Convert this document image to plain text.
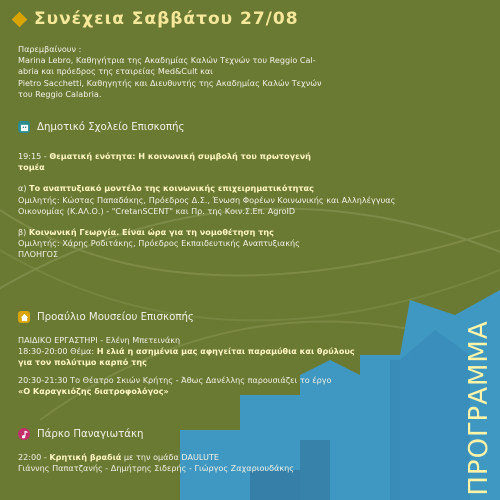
Συνέχεια Σαββάτου 27/08

Παρεμβαίνουν :

Marina Lebro, Καθηγήτρια της Ακαδημίας Καλών Τεχνών του Reggio Cal-

abria και πρόεδρος της εταιρείας Med&Cult και

Pietro Sacchetti, Καθηγητής και Διευθυντής της Ακαδημίας Καλών Τεχνών

του Reggio Calabria.

Δημοτικό Σχολείο Επισκοπής

19:15 - Θεματική ενότητα: Η κοινωνική συμβολή του πρωτογενή

τομέα

α) Το αναπτυξιακό μοντέλο της κοινωνικής επιχειρηματικότητας

Ομιλητής: Κώστας Παπαδάκης, Πρόεδρος Δ.Σ., Ένωση Φορέων Κοινωνικής και Αλληλέγγυας

Οικονομίας (Κ.ΑΛ.Ο.) - "CretanSCENT" και Πρ. της Κοιν.Σ.Επ. AgroID

β) Κοινωνική Γεωργία. Είναι ώρα για τη νομοθέτηση της

Ομιλητής: Χάρης Ροδιτάκης, Πρόεδρος Εκπαιδευτικής Αναπτυξιακής

ΠΛΟΗΓΟΣ

Προαύλιο Μουσείου Επισκοπής

ΠΑΙΔΙΚΟ ΕΡΓΑΣΤΗΡΙ - Ελένη Μπετεινάκη

18:30-20:00 Θέμα: Η ελιά η ασημένια μας αφηγείται παραμύθια και θρύλους

για τον πολύτιμο καρπό της

20:30-21:30 Το Θέατρο Σκιών Κρήτης - Άθως Δανέλλης παρουσιάζει το έργο

«Ο Καραγκιόζης διατροφολόγος»

Πάρκο Παναγιωτάκη

22:00 - Κρητική βραδιά με την ομάδα DAULUTE

Γιάννης Παπατζανής - Δημήτρης Σιδερής - Γιώργος Ζαχαριουδάκης	ΠΡΟΓΡΑΜΜΑ
